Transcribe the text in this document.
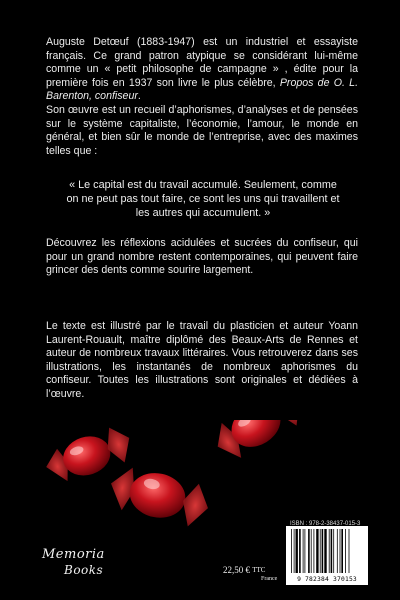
Auguste Detœuf (1883-1947) est un industriel et essayiste français. Ce grand patron atypique se considérant lui-même comme un « petit philosophe de campagne » , édite pour la première fois en 1937 son livre le plus célèbre, Propos de O. L. Barenton, confiseur.
Son œuvre est un recueil d’aphorismes, d’analyses et de pensées sur le système capitaliste, l’économie, l’amour, le monde en général, et bien sûr le monde de l’entreprise, avec des maximes telles que :

« Le capital est du travail accumulé. Seulement, comme on ne peut pas tout faire, ce sont les uns qui travaillent et les autres qui accumulent. »

Découvrez les réflexions acidulées et sucrées du confiseur, qui pour un grand nombre restent contemporaines, qui peuvent faire grincer des dents comme sourire largement.

Le texte est illustré par le travail du plasticien et auteur Yoann Laurent-Rouault, maître diplômé des Beaux-Arts de Rennes et auteur de nombreux travaux littéraires. Vous retrouverez dans ses illustrations, les instantanés de nombreux aphorismes du confiseur. Toutes les illustrations sont originales et dédiées à l’œuvre.

Memoria
Books	22,50 € $^{TTC}$
France
ISBN : 978-2-38437-015-3
9 782384 370153
